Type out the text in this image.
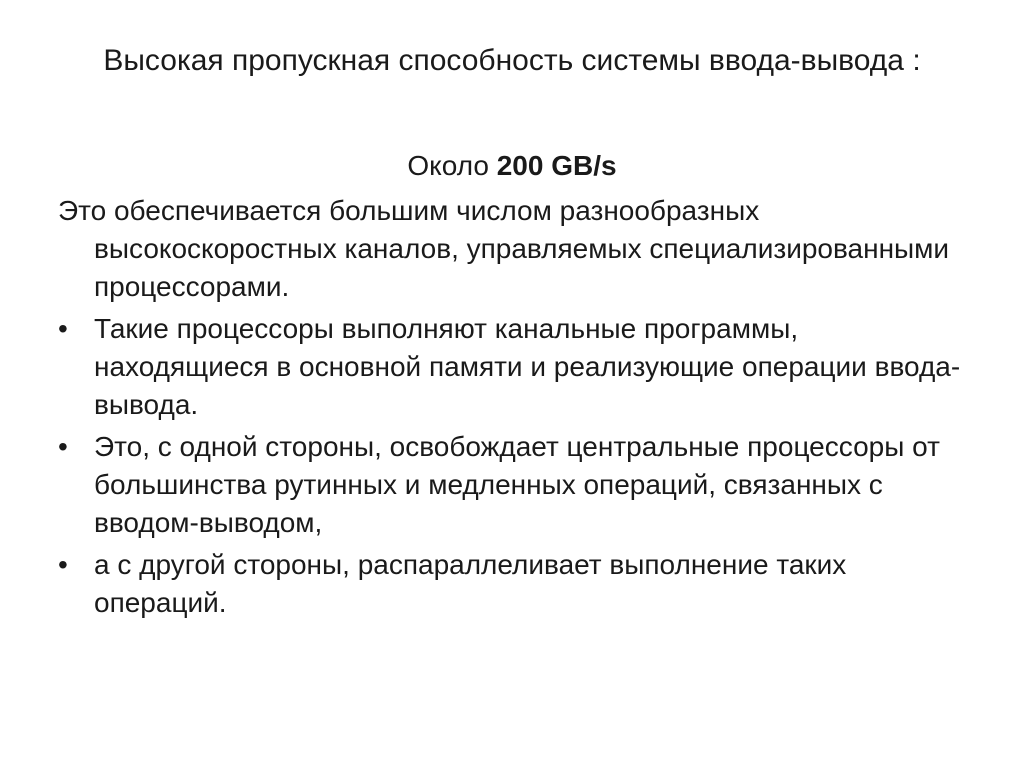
Высокая пропускная способность системы ввода-вывода :

Около 200 GB/s

Это обеспечивается большим числом разнообразных высокоскоростных каналов, управляемых специализированными процессорами.

• Такие процессоры выполняют канальные программы, находящиеся в основной памяти и реализующие операции ввода-вывода.
• Это, с одной стороны, освобождает центральные процессоры от большинства рутинных и медленных операций, связанных с вводом-выводом,
• а с другой стороны, распараллеливает выполнение таких операций.
